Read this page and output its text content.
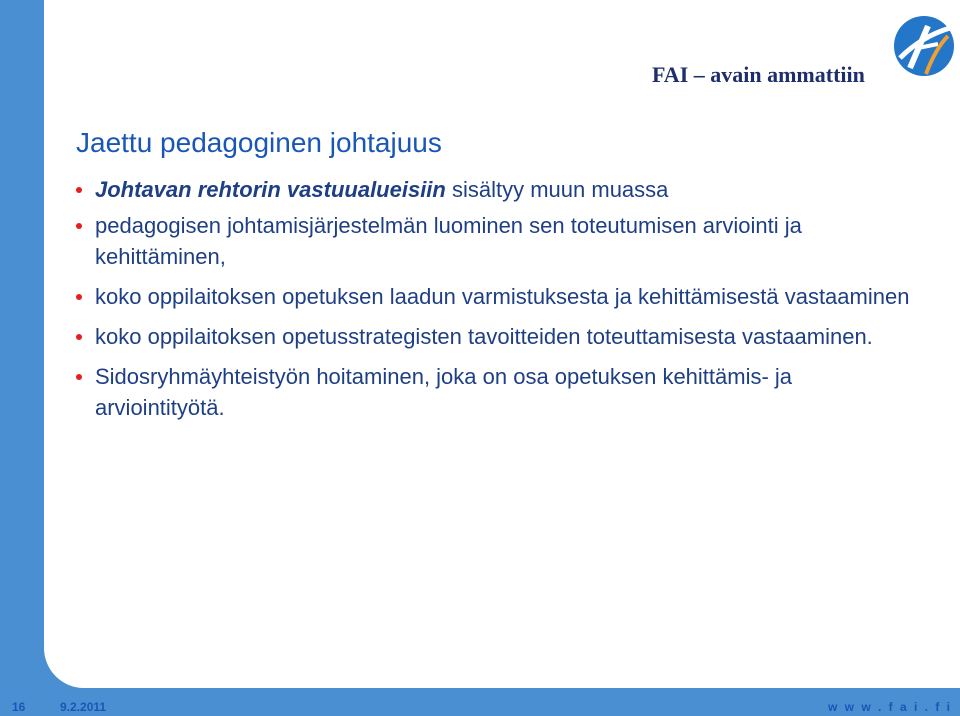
FAI – avain ammattiin
Jaettu pedagoginen johtajuus
Johtavan rehtorin vastuualueisiin sisältyy muun muassa
pedagogisen johtamisjärjestelmän luominen sen toteutumisen arviointi ja kehittäminen,
koko oppilaitoksen opetuksen laadun varmistuksesta ja kehittämisestä vastaaminen
koko oppilaitoksen opetusstrategisten tavoitteiden toteuttamisesta vastaaminen.
Sidosryhmäyhteistyön hoitaminen, joka on osa opetuksen kehittämis- ja arviointityötä.
16	9.2.2011	w w w . f a i . f i
